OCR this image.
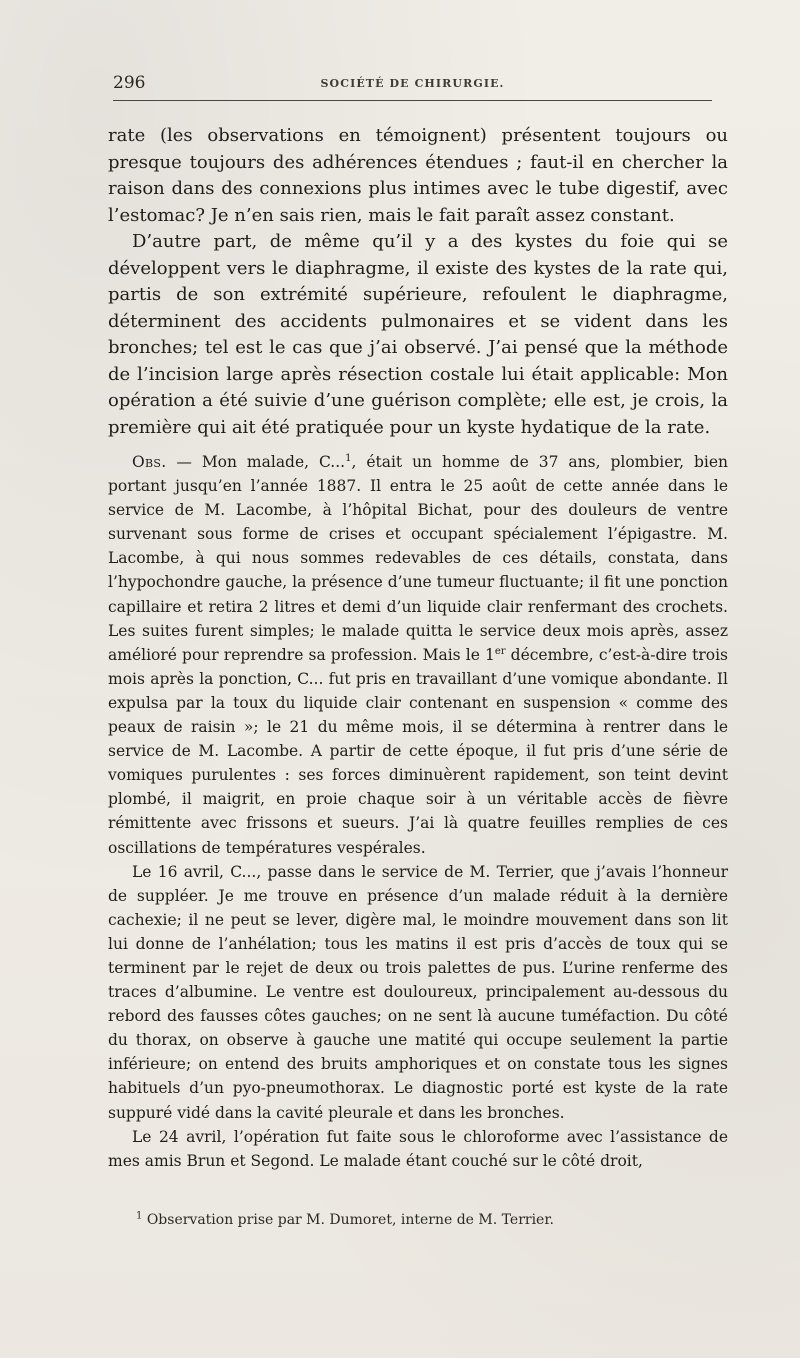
296	SOCIÉTÉ DE CHIRURGIE.

rate (les observations en témoignent) présentent toujours ou presque toujours des adhérences étendues ; faut-il en chercher la raison dans des connexions plus intimes avec le tube digestif, avec l’estomac? Je n’en sais rien, mais le fait paraît assez constant.

D’autre part, de même qu’il y a des kystes du foie qui se développent vers le diaphragme, il existe des kystes de la rate qui, partis de son extrémité supérieure, refoulent le diaphragme, déterminent des accidents pulmonaires et se vident dans les bronches; tel est le cas que j’ai observé. J’ai pensé que la méthode de l’incision large après résection costale lui était applicable: Mon opération a été suivie d’une guérison complète; elle est, je crois, la première qui ait été pratiquée pour un kyste hydatique de la rate.

Obs. — Mon malade, C...$^1$, était un homme de 37 ans, plombier, bien portant jusqu’en l’année 1887. Il entra le 25 août de cette année dans le service de M. Lacombe, à l’hôpital Bichat, pour des douleurs de ventre survenant sous forme de crises et occupant spécialement l’épigastre. M. Lacombe, à qui nous sommes redevables de ces détails, constata, dans l’hypochondre gauche, la présence d’une tumeur fluctuante; il fit une ponction capillaire et retira 2 litres et demi d’un liquide clair renfermant des crochets. Les suites furent simples; le malade quitta le service deux mois après, assez amélioré pour reprendre sa profession. Mais le 1er décembre, c’est-à-dire trois mois après la ponction, C... fut pris en travaillant d’une vomique abondante. Il expulsa par la toux du liquide clair contenant en suspension « comme des peaux de raisin »; le 21 du même mois, il se détermina à rentrer dans le service de M. Lacombe. A partir de cette époque, il fut pris d’une série de vomiques purulentes : ses forces diminuèrent rapidement, son teint devint plombé, il maigrit, en proie chaque soir à un véritable accès de fièvre rémittente avec frissons et sueurs. J’ai là quatre feuilles remplies de ces oscillations de températures vespérales.

Le 16 avril, C..., passe dans le service de M. Terrier, que j’avais l’honneur de suppléer. Je me trouve en présence d’un malade réduit à la dernière cachexie; il ne peut se lever, digère mal, le moindre mouvement dans son lit lui donne de l’anhélation; tous les matins il est pris d’accès de toux qui se terminent par le rejet de deux ou trois palettes de pus. L’urine renferme des traces d’albumine. Le ventre est douloureux, principalement au-dessous du rebord des fausses côtes gauches; on ne sent là aucune tuméfaction. Du côté du thorax, on observe à gauche une matité qui occupe seulement la partie inférieure; on entend des bruits amphoriques et on constate tous les signes habituels d’un pyo-pneumothorax. Le diagnostic porté est kyste de la rate suppuré vidé dans la cavité pleurale et dans les bronches.

Le 24 avril, l’opération fut faite sous le chloroforme avec l’assistance de mes amis Brun et Segond. Le malade étant couché sur le côté droit,

$^1$ Observation prise par M. Dumoret, interne de M. Terrier.
